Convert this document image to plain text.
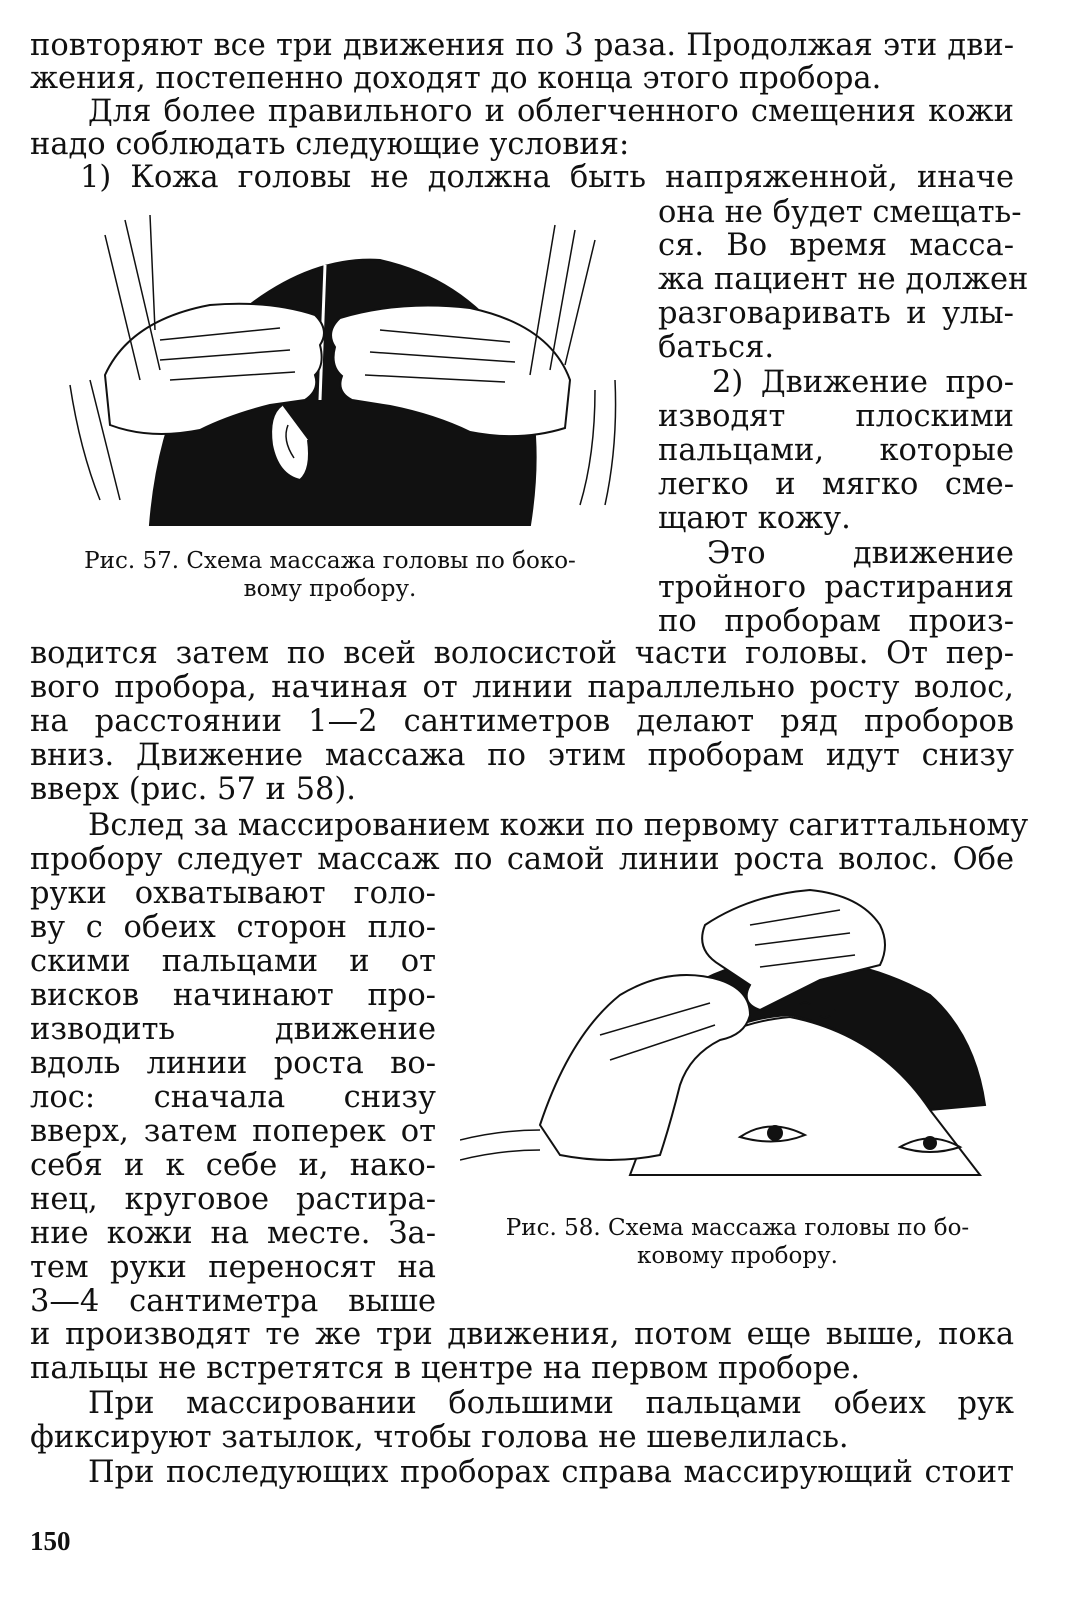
повторяют все три движения по 3 раза. Продолжая эти дви-
жения, постепенно доходят до конца этого пробора.
Для более правильного и облегченного смещения кожи
надо соблюдать следующие условия:
1) Кожа головы не должна быть напряженной, иначе
она не будет смещать-
ся. Во время масса-
жа пациент не должен
разговаривать и улы-
баться.
2) Движение про-
изводят плоскими
пальцами, которые
легко и мягко сме-
щают кожу.
Это движение
тройного растирания
по проборам произ-
водится затем по всей волосистой части головы. От пер-
вого пробора, начиная от линии параллельно росту волос,
на расстоянии 1—2 сантиметров делают ряд проборов
вниз. Движение массажа по этим проборам идут снизу
вверх (рис. 57 и 58).
Вслед за массированием кожи по первому сагиттальному
пробору следует массаж по самой линии роста волос. Обе
руки охватывают голо-
ву с обеих сторон пло-
скими пальцами и от
висков начинают про-
изводить движение
вдоль линии роста во-
лос: сначала снизу
вверх, затем поперек от
себя и к себе и, нако-
нец, круговое растира-
ние кожи на месте. За-
тем руки переносят на
3—4 сантиметра выше
и производят те же три движения, потом еще выше, пока
пальцы не встретятся в центре на первом проборе.
При массировании большими пальцами обеих рук
фиксируют затылок, чтобы голова не шевелилась.
При последующих проборах справа массирующий стоит
Рис. 57. Схема массажа головы по боко-
вому пробору.
Рис. 58. Схема массажа головы по бо-
ковому пробору.
150
